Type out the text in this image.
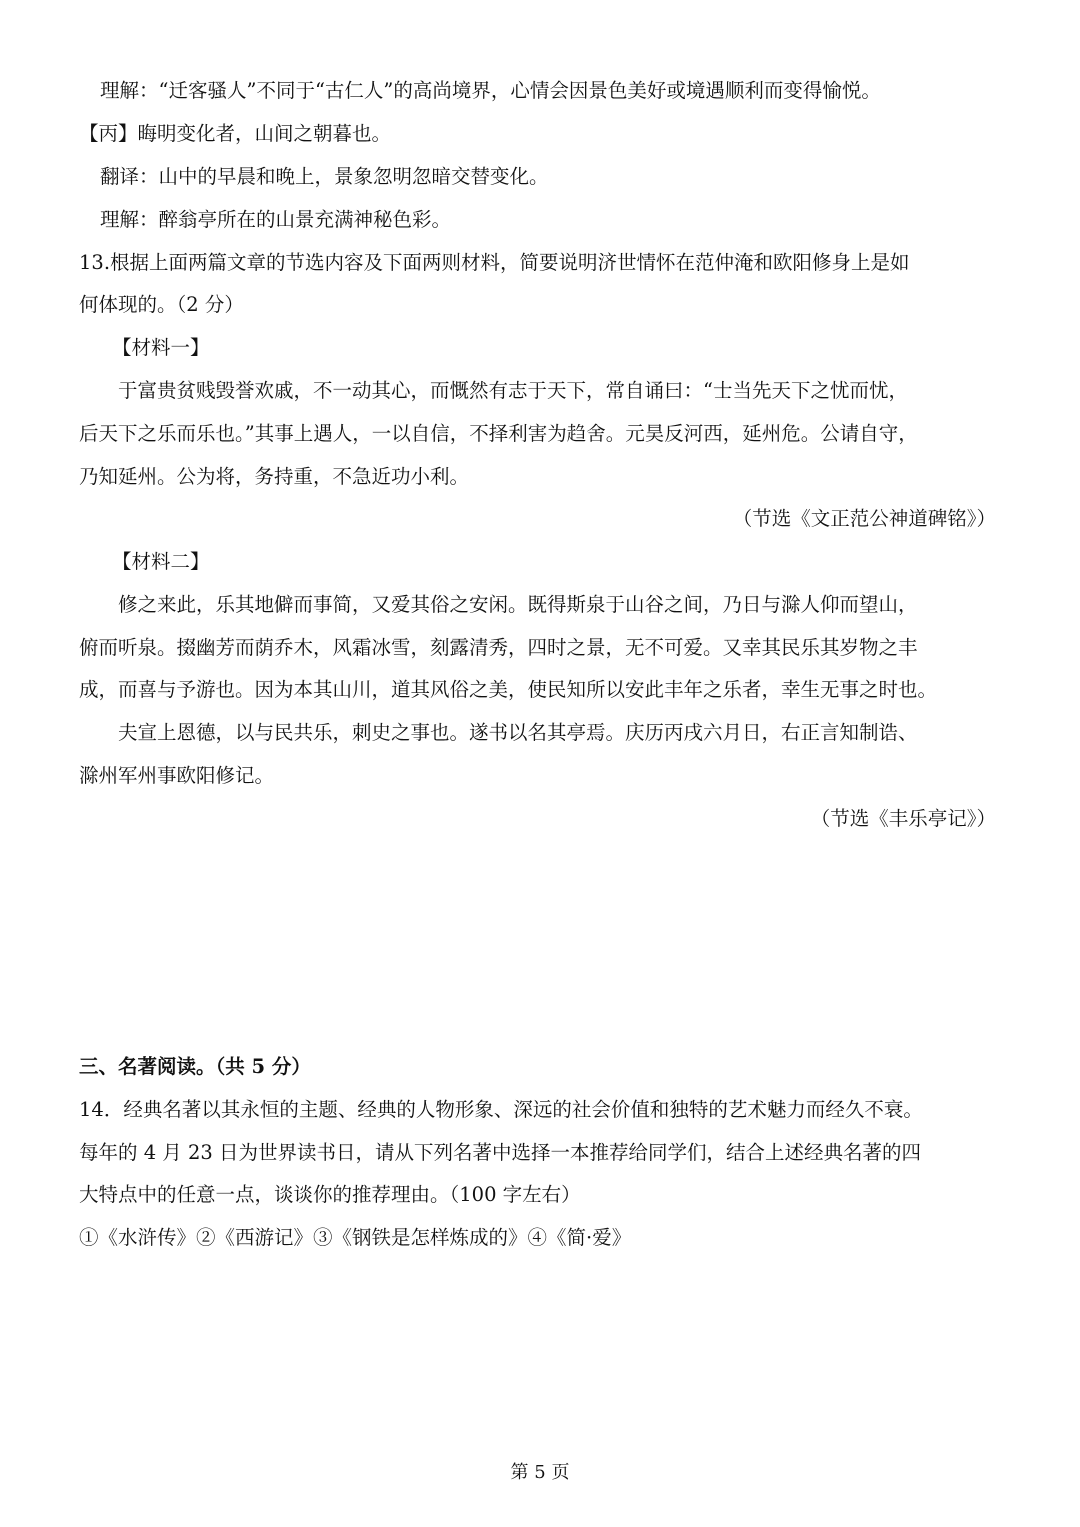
理解：“迁客骚人”不同于“古仁人”的高尚境界，心情会因景色美好或境遇顺利而变得愉悦。
【丙】晦明变化者，山间之朝暮也。
翻译：山中的早晨和晚上，景象忽明忽暗交替变化。
理解：醉翁亭所在的山景充满神秘色彩。
13.根据上面两篇文章的节选内容及下面两则材料，简要说明济世情怀在范仲淹和欧阳修身上是如
何体现的。（2 分）
【材料一】
于富贵贫贱毁誉欢戚，不一动其心，而慨然有志于天下，常自诵曰：“士当先天下之忧而忧，
后天下之乐而乐也。”其事上遇人，一以自信，不择利害为趋舍。元昊反河西，延州危。公请自守，
乃知延州。公为将，务持重，不急近功小利。
（节选《文正范公神道碑铭》）
【材料二】
修之来此，乐其地僻而事简，又爱其俗之安闲。既得斯泉于山谷之间，乃日与滁人仰而望山，
俯而听泉。掇幽芳而荫乔木，风霜冰雪，刻露清秀，四时之景，无不可爱。又幸其民乐其岁物之丰
成，而喜与予游也。因为本其山川，道其风俗之美，使民知所以安此丰年之乐者，幸生无事之时也。
夫宣上恩德，以与民共乐，刺史之事也。遂书以名其亭焉。庆历丙戌六月日，右正言知制诰、
滁州军州事欧阳修记。
（节选《丰乐亭记》）
三、名著阅读。（共 5 分）
14．经典名著以其永恒的主题、经典的人物形象、深远的社会价值和独特的艺术魅力而经久不衰。
每年的 4 月 23 日为世界读书日，请从下列名著中选择一本推荐给同学们，结合上述经典名著的四
大特点中的任意一点，谈谈你的推荐理由。（100 字左右）
①《水浒传》②《西游记》③《钢铁是怎样炼成的》④《简·爱》
第 5 页
